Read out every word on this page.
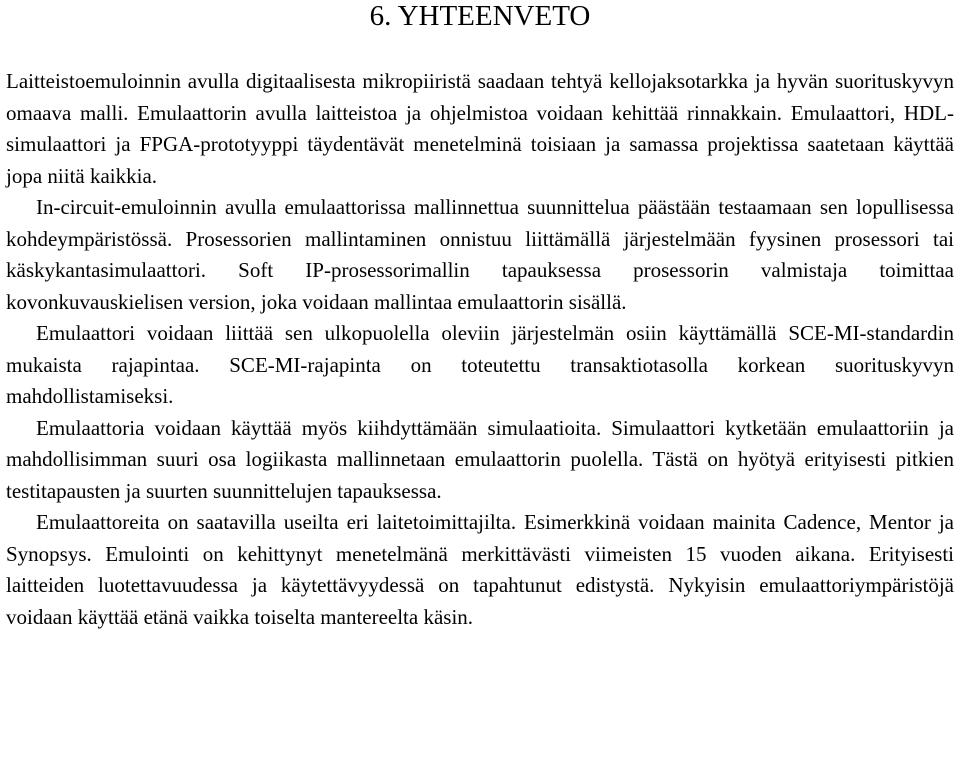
6. YHTEENVETO

Laitteistoemuloinnin avulla digitaalisesta mikropiiristä saadaan tehtyä kellojaksotarkka ja hyvän suorituskyvyn omaava malli. Emulaattorin avulla laitteistoa ja ohjelmistoa voidaan kehittää rinnakkain. Emulaattori, HDL-simulaattori ja FPGA-prototyyppi täydentävät menetelminä toisiaan ja samassa projektissa saatetaan käyttää jopa niitä kaikkia.

In-circuit-emuloinnin avulla emulaattorissa mallinnettua suunnittelua päästään testaamaan sen lopullisessa kohdeympäristössä. Prosessorien mallintaminen onnistuu liittämällä järjestelmään fyysinen prosessori tai käskykantasimulaattori. Soft IP-prosessorimallin tapauksessa prosessorin valmistaja toimittaa kovonkuvauskielisen version, joka voidaan mallintaa emulaattorin sisällä.

Emulaattori voidaan liittää sen ulkopuolella oleviin järjestelmän osiin käyttämällä SCE-MI-standardin mukaista rajapintaa. SCE-MI-rajapinta on toteutettu transaktiotasolla korkean suorituskyvyn mahdollistamiseksi.

Emulaattoria voidaan käyttää myös kiihdyttämään simulaatioita. Simulaattori kytketään emulaattoriin ja mahdollisimman suuri osa logiikasta mallinnetaan emulaattorin puolella. Tästä on hyötyä erityisesti pitkien testitapausten ja suurten suunnittelujen tapauksessa.

Emulaattoreita on saatavilla useilta eri laitetoimittajilta. Esimerkkinä voidaan mainita Cadence, Mentor ja Synopsys. Emulointi on kehittynyt menetelmänä merkittävästi viimeisten 15 vuoden aikana. Erityisesti laitteiden luotettavuudessa ja käytettävyydessä on tapahtunut edistystä. Nykyisin emulaattoriympäristöjä voidaan käyttää etänä vaikka toiselta mantereelta käsin.
